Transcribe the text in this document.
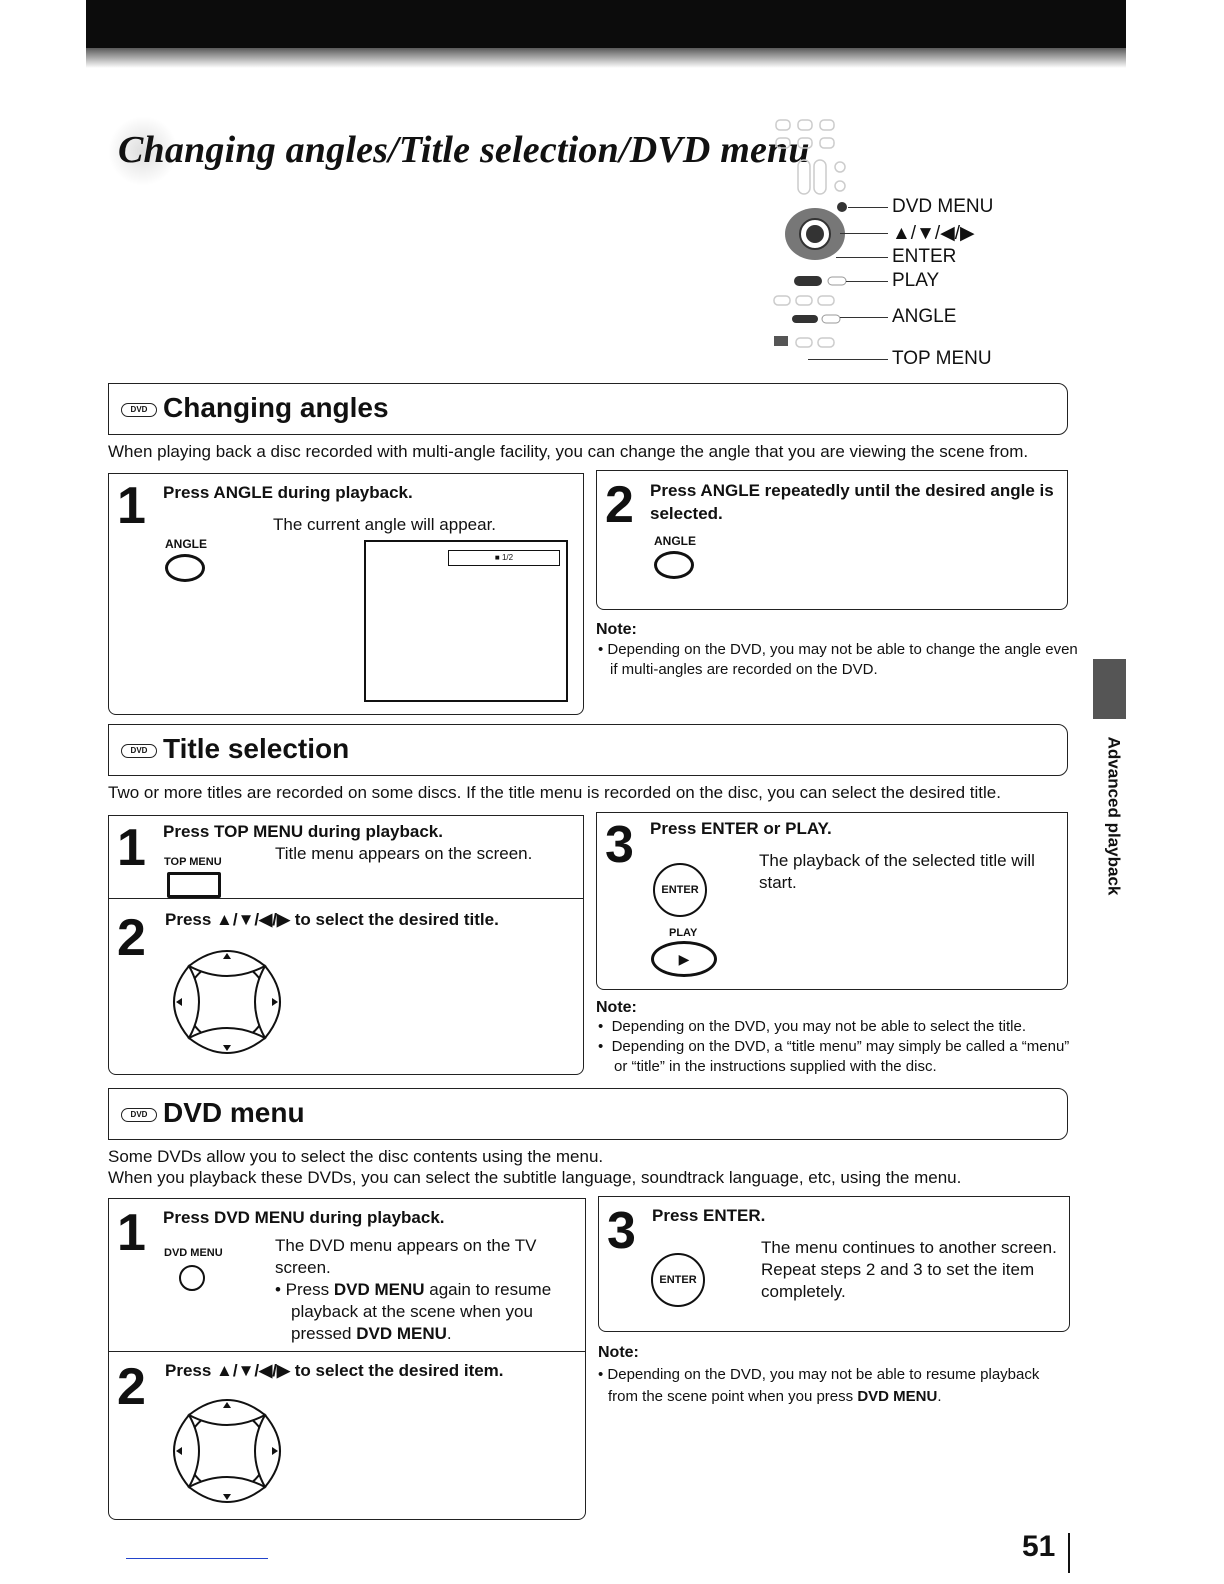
Changing angles/Title selection/DVD menu
DVD MENU
▲/▼/◀/▶
ENTER
PLAY
ANGLE
TOP MENU
DVD Changing angles
When playing back a disc recorded with multi-angle facility, you can change the angle that you are viewing the scene from.
1 Press ANGLE during playback.
ANGLE
The current angle will appear.
■ 1/2
2 Press ANGLE repeatedly until the desired angle is selected.
ANGLE
Note:
• Depending on the DVD, you may not be able to change the angle even if multi-angles are recorded on the DVD.
DVD Title selection
Two or more titles are recorded on some discs. If the title menu is recorded on the disc, you can select the desired title.
1 Press TOP MENU during playback.
TOP MENU	Title menu appears on the screen.
2 Press ▲/▼/◀/▶ to select the desired title.
3 Press ENTER or PLAY.
ENTER
PLAY
▶
The playback of the selected title will start.
Note:
•  Depending on the DVD, you may not be able to select the title.
•  Depending on the DVD, a “title menu” may simply be called a “menu” or “title” in the instructions supplied with the disc.
DVD DVD menu
Some DVDs allow you to select the disc contents using the menu.
When you playback these DVDs, you can select the subtitle language, soundtrack language, etc, using the menu.
1 Press DVD MENU during playback.
DVD MENU	The DVD menu appears on the TV screen.
• Press DVD MENU again to resume playback at the scene when you pressed DVD MENU.
2 Press ▲/▼/◀/▶ to select the desired item.
3 Press ENTER.
ENTER
The menu continues to another screen. Repeat steps 2 and 3 to set the item completely.
Note:
• Depending on the DVD, you may not be able to resume playback from the scene point when you press DVD MENU.
Advanced playback
51
